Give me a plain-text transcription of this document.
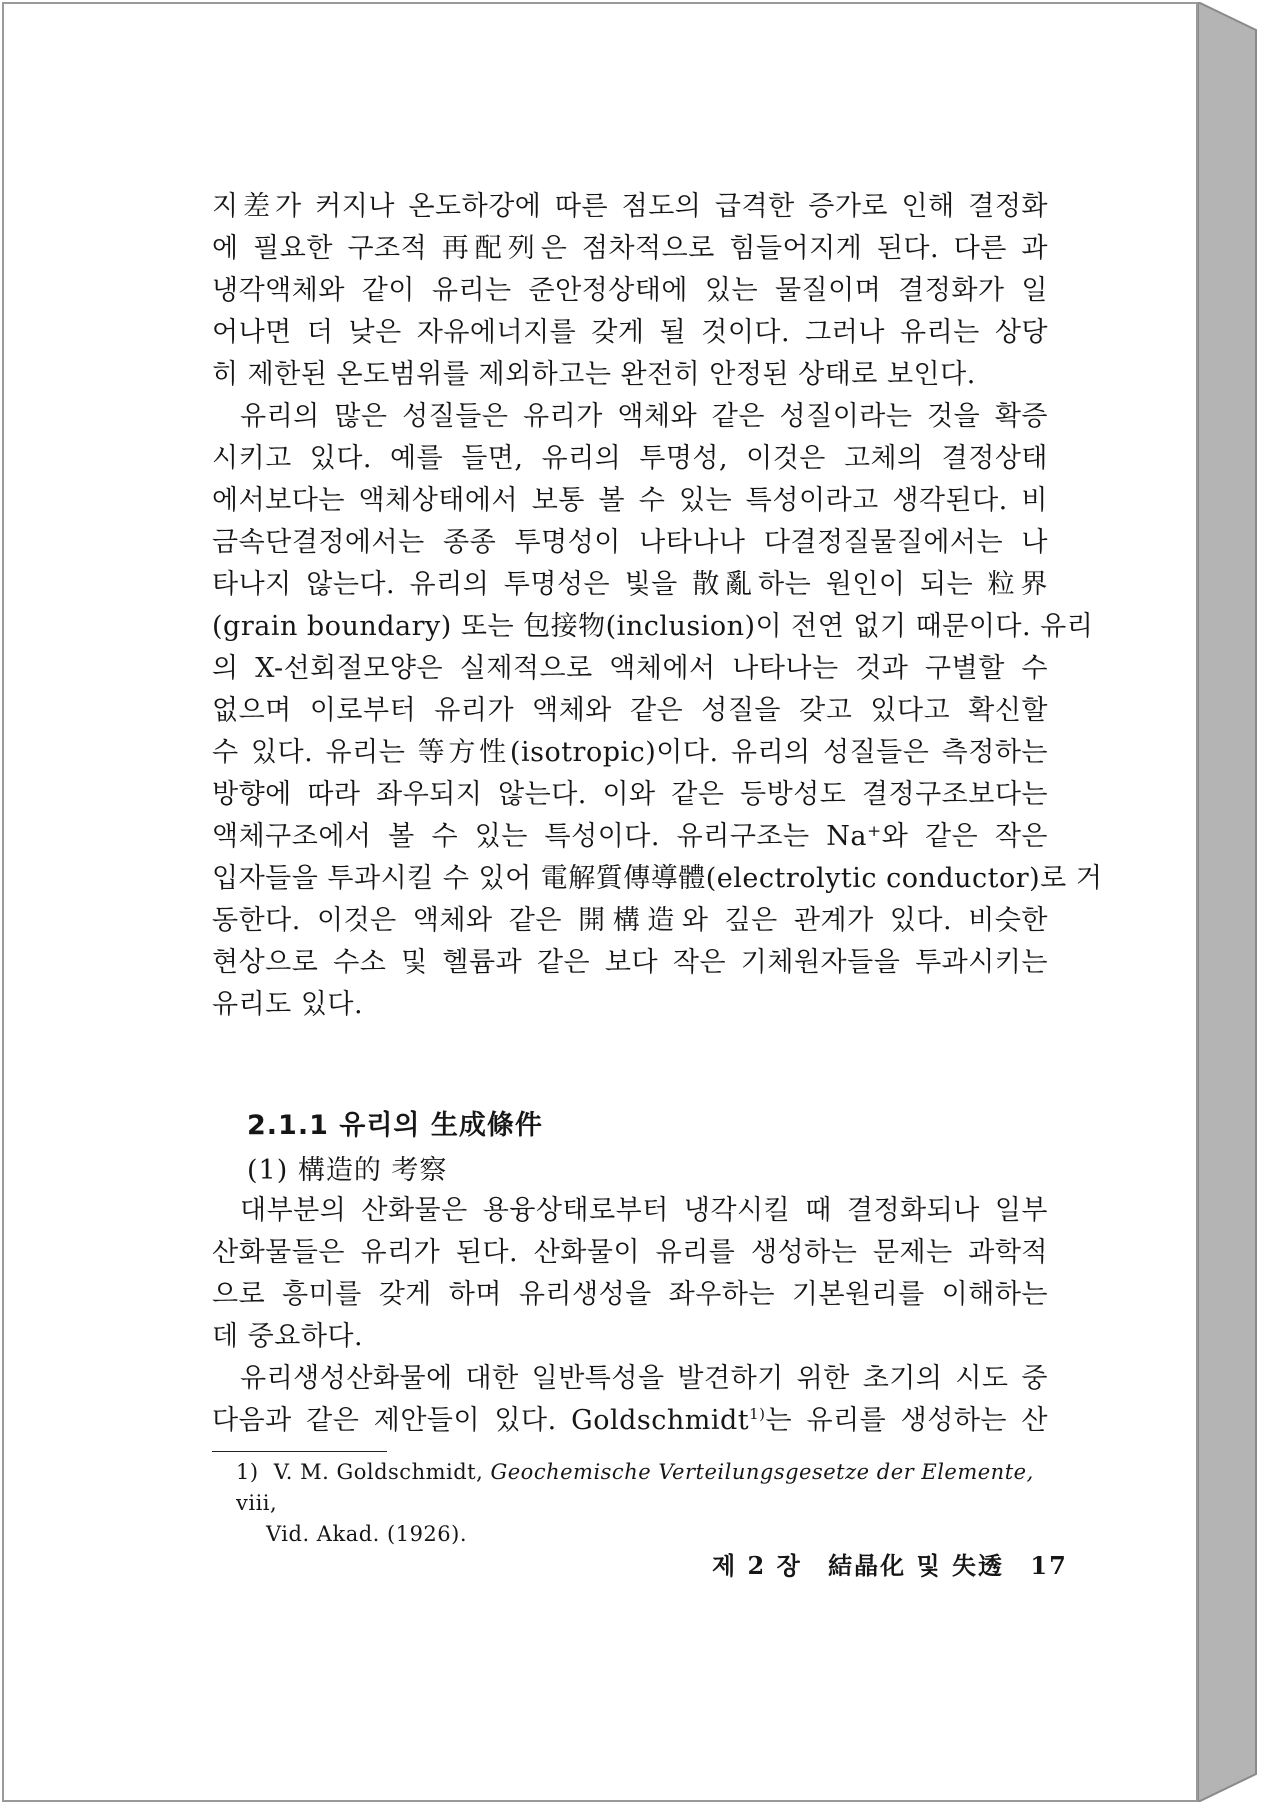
지差가 커지나 온도하강에 따른 점도의 급격한 증가로 인해 결정화
에 필요한 구조적 再配列은 점차적으로 힘들어지게 된다. 다른 과
냉각액체와 같이 유리는 준안정상태에 있는 물질이며 결정화가 일
어나면 더 낮은 자유에너지를 갖게 될 것이다. 그러나 유리는 상당
히 제한된 온도범위를 제외하고는 완전히 안정된 상태로 보인다.

유리의 많은 성질들은 유리가 액체와 같은 성질이라는 것을 확증
시키고 있다. 예를 들면, 유리의 투명성, 이것은 고체의 결정상태
에서보다는 액체상태에서 보통 볼 수 있는 특성이라고 생각된다. 비
금속단결정에서는 종종 투명성이 나타나나 다결정질물질에서는 나
타나지 않는다. 유리의 투명성은 빛을 散亂하는 원인이 되는 粒界
(grain boundary) 또는 包接物(inclusion)이 전연 없기 때문이다. 유리
의 X-선회절모양은 실제적으로 액체에서 나타나는 것과 구별할 수
없으며 이로부터 유리가 액체와 같은 성질을 갖고 있다고 확신할
수 있다. 유리는 等方性(isotropic)이다. 유리의 성질들은 측정하는
방향에 따라 좌우되지 않는다. 이와 같은 등방성도 결정구조보다는
액체구조에서 볼 수 있는 특성이다. 유리구조는 Na⁺와 같은 작은
입자들을 투과시킬 수 있어 電解質傳導體(electrolytic conductor)로 거
동한다. 이것은 액체와 같은 開構造와 깊은 관계가 있다. 비슷한
현상으로 수소 및 헬륨과 같은 보다 작은 기체원자들을 투과시키는
유리도 있다.

2.1.1 유리의 生成條件
(1) 構造的 考察

대부분의 산화물은 용융상태로부터 냉각시킬 때 결정화되나 일부
산화물들은 유리가 된다. 산화물이 유리를 생성하는 문제는 과학적
으로 흥미를 갖게 하며 유리생성을 좌우하는 기본원리를 이해하는
데 중요하다.

유리생성산화물에 대한 일반특성을 발견하기 위한 초기의 시도 중
다음과 같은 제안들이 있다. Goldschmidt$^{1)}$는 유리를 생성하는 산

1) V. M. Goldschmidt, Geochemische Verteilungsgesetze der Elemente, viii,
Vid. Akad. (1926).
제 2 장 結晶化 및 失透 17
